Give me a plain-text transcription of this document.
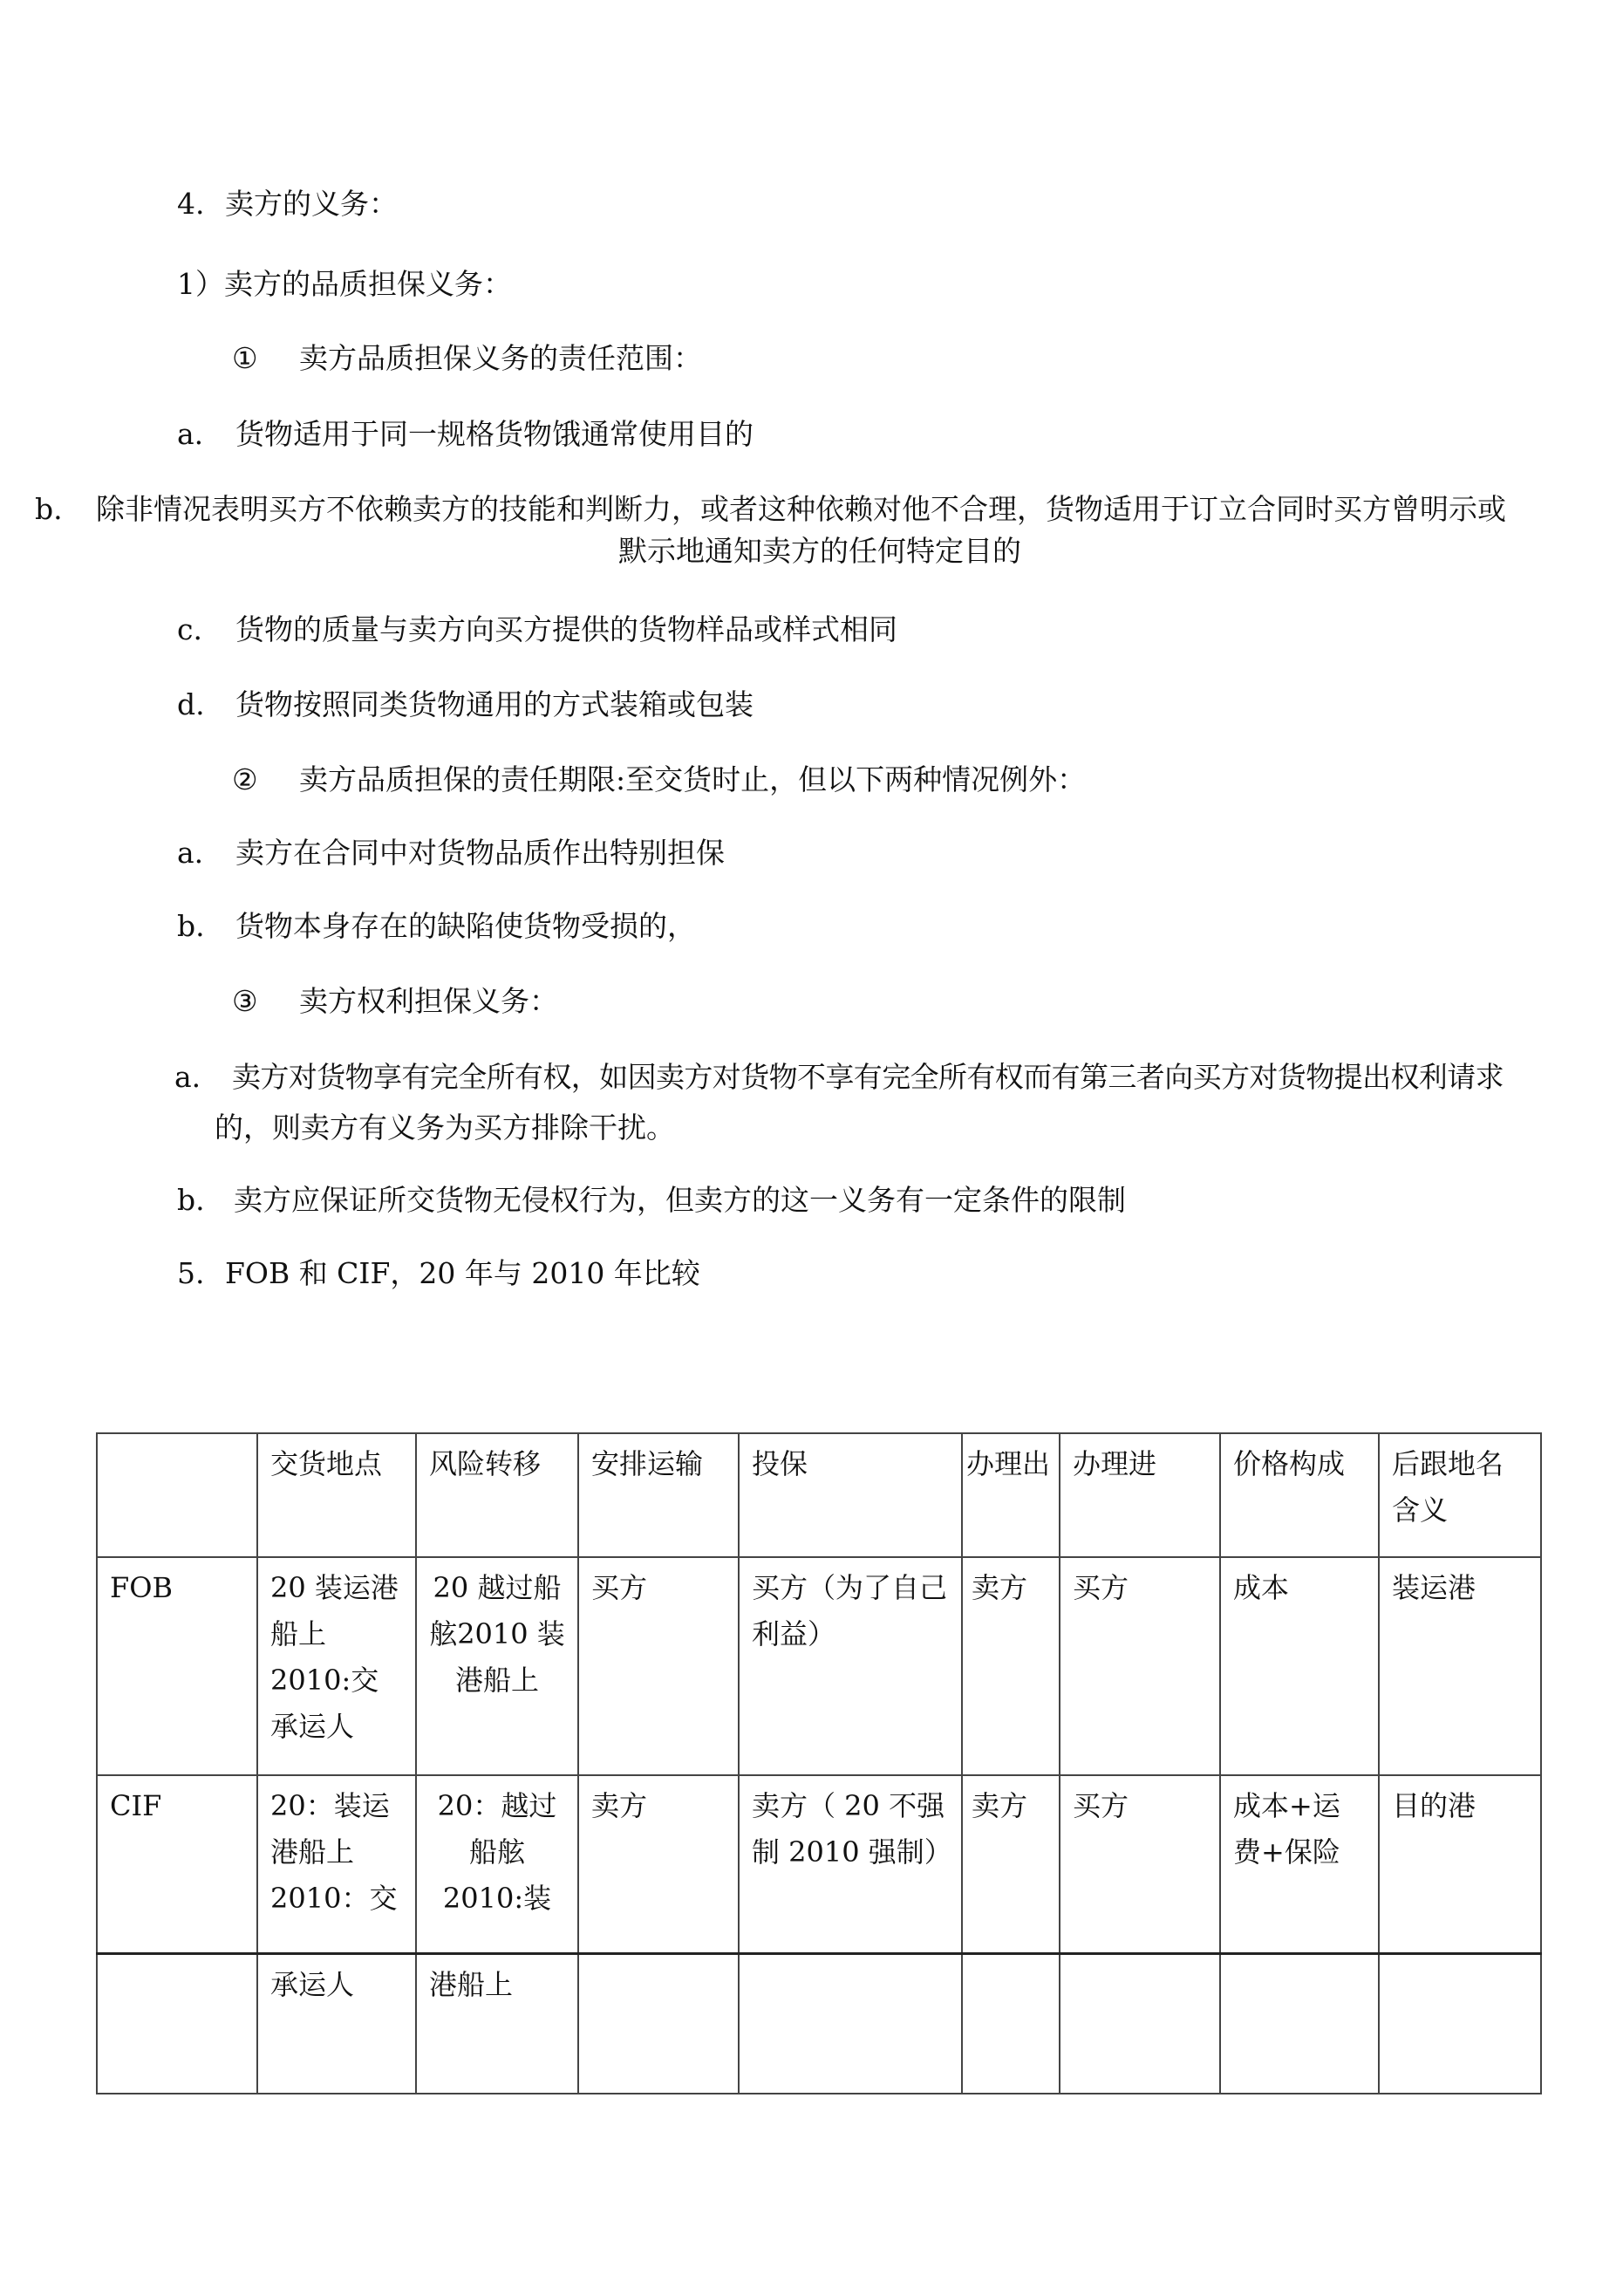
4. 卖方的义务：
1）卖方的品质担保义务：
① 卖方品质担保义务的责任范围：
a. 货物适用于同一规格货物饿通常使用目的
b. 除非情况表明买方不依赖卖方的技能和判断力，或者这种依赖对他不合理，货物适用于订立合同时买方曾明示或
默示地通知卖方的任何特定目的
c. 货物的质量与卖方向买方提供的货物样品或样式相同
d. 货物按照同类货物通用的方式装箱或包装
② 卖方品质担保的责任期限:至交货时止，但以下两种情况例外：
a. 卖方在合同中对货物品质作出特别担保
b. 货物本身存在的缺陷使货物受损的，
③ 卖方权利担保义务：
a. 卖方对货物享有完全所有权，如因卖方对货物不享有完全所有权而有第三者向买方对货物提出权利请求
的，则卖方有义务为买方排除干扰。
b. 卖方应保证所交货物无侵权行为，但卖方的这一义务有一定条件的限制
5. FOB 和 CIF，20 年与 2010 年比较
	交货地点	风险转移	安排运输	投保	办理出	办理进	价格构成	后跟地名含义
FOB	20 装运港船上2010:交承运人	20 越过船舷2010 装港船上	买方	买方（为了自己利益）	卖方	买方	成本	装运港
CIF	20：装运港船上2010：交	20：越过船舷2010:装	卖方	卖方（ 20 不强制 2010 强制）	卖方	买方	成本+运费+保险	目的港
	承运人	港船上						
